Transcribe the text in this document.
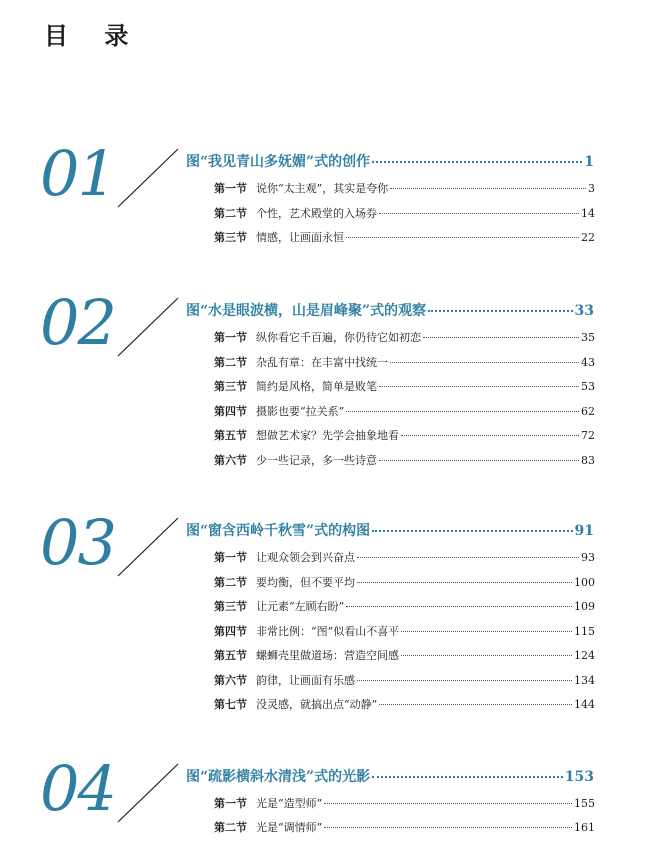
目 录
01	图“我见青山多妩媚”式的创作	1
第一节 说你“太主观”，其实是夸你	3
第二节 个性，艺术殿堂的入场券	14
第三节 情感，让画面永恒	22
02	图“水是眼波横，山是眉峰聚”式的观察	33
第一节 纵你看它千百遍，你仍待它如初恋	35
第二节 杂乱有章：在丰富中找统一	43
第三节 简约是风格，简单是败笔	53
第四节 摄影也要“拉关系”	62
第五节 想做艺术家？先学会抽象地看	72
第六节 少一些记录，多一些诗意	83
03	图“窗含西岭千秋雪”式的构图	91
第一节 让观众领会到兴奋点	93
第二节 要均衡，但不要平均	100
第三节 让元素“左顾右盼”	109
第四节 非常比例：“图”似看山不喜平	115
第五节 螺蛳壳里做道场：营造空间感	124
第六节 韵律，让画面有乐感	134
第七节 没灵感，就搞出点“动静”	144
04	图“疏影横斜水清浅”式的光影	153
第一节 光是“造型师”	155
第二节 光是“调情师”	161
